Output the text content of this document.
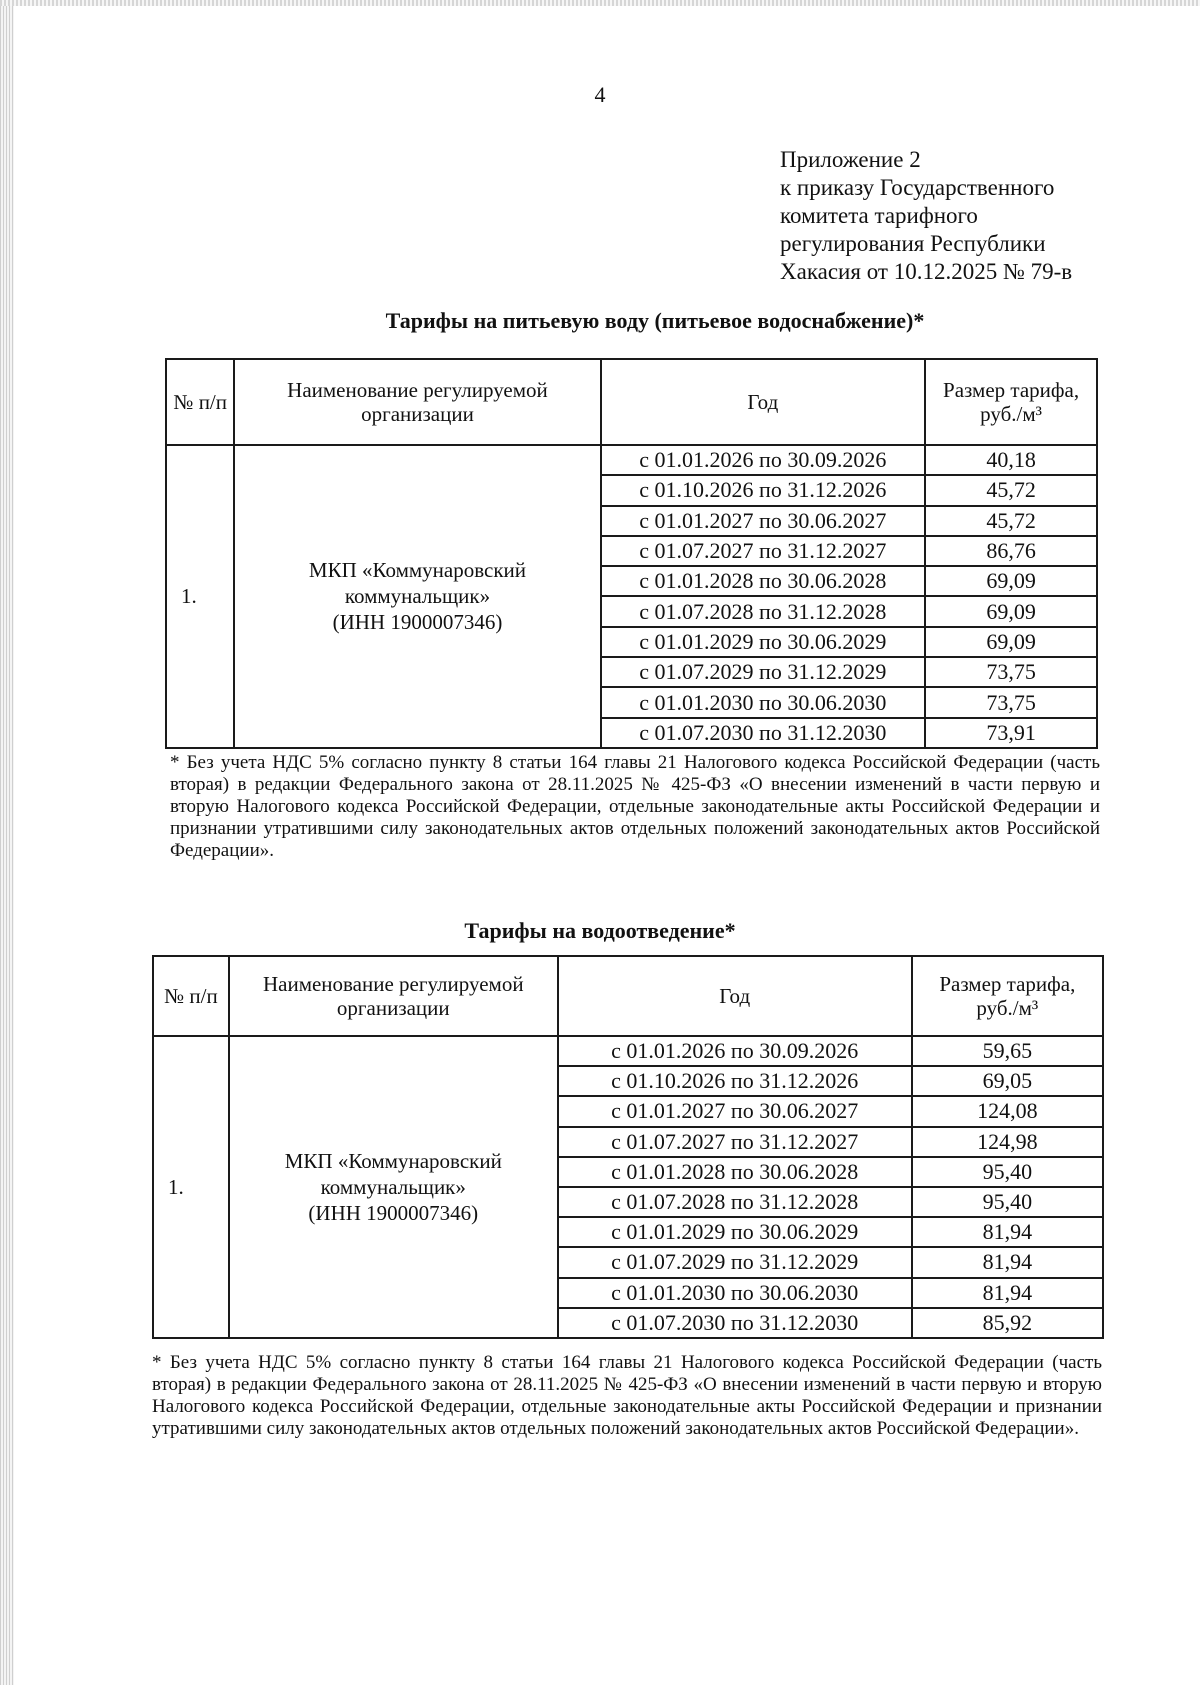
4
Приложение 2
к приказу Государственного
комитета тарифного
регулирования Республики
Хакасия от 10.12.2025 № 79-в
Тарифы на питьевую воду (питьевое водоснабжение)*
№ п/п	Наименование регулируемой организации	Год	Размер тарифа, руб./м³
1.	МКП «Коммунаровский
коммунальщик»
(ИНН 1900007346)	с 01.01.2026 по 30.09.2026	40,18
		с 01.10.2026 по 31.12.2026	45,72
		с 01.01.2027 по 30.06.2027	45,72
		с 01.07.2027 по 31.12.2027	86,76
		с 01.01.2028 по 30.06.2028	69,09
		с 01.07.2028 по 31.12.2028	69,09
		с 01.01.2029 по 30.06.2029	69,09
		с 01.07.2029 по 31.12.2029	73,75
		с 01.01.2030 по 30.06.2030	73,75
		с 01.07.2030 по 31.12.2030	73,91
* Без учета НДС 5% согласно пункту 8 статьи 164 главы 21 Налогового кодекса Российской Федерации (часть вторая) в редакции Федерального закона от 28.11.2025 № 425-ФЗ «О внесении изменений в части первую и вторую Налогового кодекса Российской Федерации, отдельные законодательные акты Российской Федерации и признании утратившими силу законодательных актов отдельных положений законодательных актов Российской Федерации».
Тарифы на водоотведение*
№ п/п	Наименование регулируемой организации	Год	Размер тарифа, руб./м³
1.	МКП «Коммунаровский
коммунальщик»
(ИНН 1900007346)	с 01.01.2026 по 30.09.2026	59,65
		с 01.10.2026 по 31.12.2026	69,05
		с 01.01.2027 по 30.06.2027	124,08
		с 01.07.2027 по 31.12.2027	124,98
		с 01.01.2028 по 30.06.2028	95,40
		с 01.07.2028 по 31.12.2028	95,40
		с 01.01.2029 по 30.06.2029	81,94
		с 01.07.2029 по 31.12.2029	81,94
		с 01.01.2030 по 30.06.2030	81,94
		с 01.07.2030 по 31.12.2030	85,92
* Без учета НДС 5% согласно пункту 8 статьи 164 главы 21 Налогового кодекса Российской Федерации (часть вторая) в редакции Федерального закона от 28.11.2025 № 425-ФЗ «О внесении изменений в части первую и вторую Налогового кодекса Российской Федерации, отдельные законодательные акты Российской Федерации и признании утратившими силу законодательных актов отдельных положений законодательных актов Российской Федерации».
